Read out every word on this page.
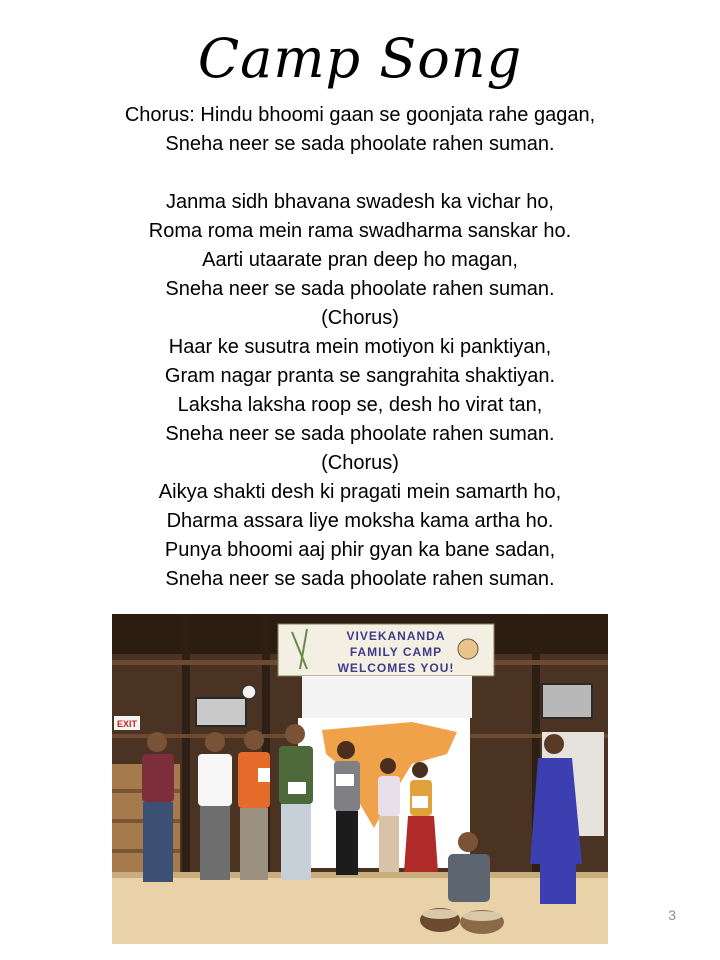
Camp Song
Chorus: Hindu bhoomi gaan se goonjata rahe gagan,
Sneha neer se sada phoolate rahen suman.
Janma sidh bhavana swadesh ka vichar ho,
Roma roma mein rama swadharma sanskar ho.
Aarti utaarate pran deep ho magan,
Sneha neer se sada phoolate rahen suman.
(Chorus)
Haar ke susutra mein motiyon ki panktiyan,
Gram nagar pranta se sangrahita shaktiyan.
Laksha laksha roop se, desh ho virat tan,
Sneha neer se sada phoolate rahen suman.
(Chorus)
Aikya shakti desh ki pragati mein samarth ho,
Dharma assara liye moksha kama artha ho.
Punya bhoomi aaj phir gyan ka bane sadan,
Sneha neer se sada phoolate rahen suman.
EXIT
VIVEKANANDA
FAMILY CAMP
WELCOMES YOU!
3
